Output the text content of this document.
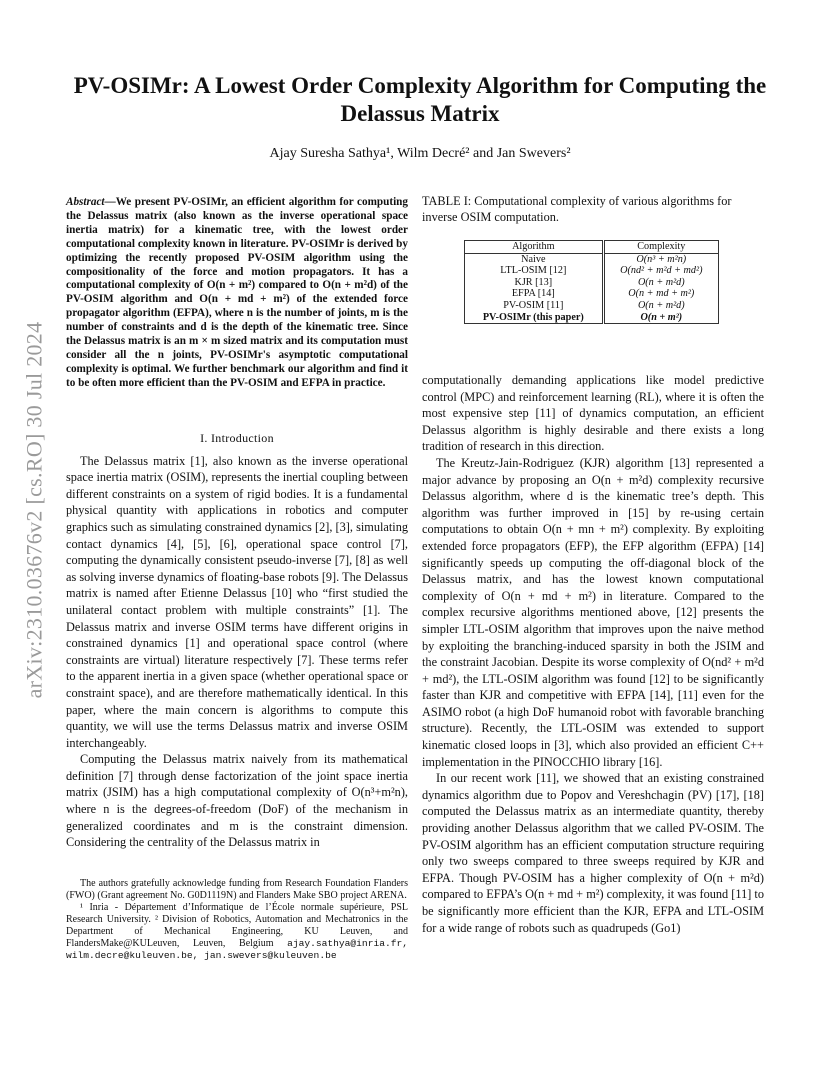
arXiv:2310.03676v2 [cs.RO] 30 Jul 2024
PV-OSIMr: A Lowest Order Complexity Algorithm for Computing the Delassus Matrix
Ajay Suresha Sathya¹, Wilm Decré² and Jan Swevers²
Abstract—We present PV-OSIMr, an efficient algorithm for computing the Delassus matrix (also known as the inverse operational space inertia matrix) for a kinematic tree, with the lowest order computational complexity known in literature. PV-OSIMr is derived by optimizing the recently proposed PV-OSIM algorithm using the compositionality of the force and motion propagators. It has a computational complexity of O(n + m²) compared to O(n + m²d) of the PV-OSIM algorithm and O(n + md + m²) of the extended force propagator algorithm (EFPA), where n is the number of joints, m is the number of constraints and d is the depth of the kinematic tree. Since the Delassus matrix is an m × m sized matrix and its computation must consider all the n joints, PV-OSIMr's asymptotic computational complexity is optimal. We further benchmark our algorithm and find it to be often more efficient than the PV-OSIM and EFPA in practice.
I. Introduction

The Delassus matrix [1], also known as the inverse operational space inertia matrix (OSIM), represents the inertial coupling between different constraints on a system of rigid bodies. It is a fundamental physical quantity with applications in robotics and computer graphics such as simulating constrained dynamics [2], [3], simulating contact dynamics [4], [5], [6], operational space control [7], computing the dynamically consistent pseudo-inverse [7], [8] as well as solving inverse dynamics of floating-base robots [9]. The Delassus matrix is named after Etienne Delassus [10] who “first studied the unilateral contact problem with multiple constraints” [1]. The Delassus matrix and inverse OSIM terms have different origins in constrained dynamics [1] and operational space control (where constraints are virtual) literature respectively [7]. These terms refer to the apparent inertia in a given space (whether operational space or constraint space), and are therefore mathematically identical. In this paper, where the main concern is algorithms to compute this quantity, we will use the terms Delassus matrix and inverse OSIM interchangeably.

Computing the Delassus matrix naively from its mathematical definition [7] through dense factorization of the joint space inertia matrix (JSIM) has a high computational complexity of O(n³+m²n), where n is the degrees-of-freedom (DoF) of the mechanism in generalized coordinates and m is the constraint dimension. Considering the centrality of the Delassus matrix in

The authors gratefully acknowledge funding from Research Foundation Flanders (FWO) (Grant agreement No. G0D1119N) and Flanders Make SBO project ARENA.

¹ Inria - Département d’Informatique de l’École normale supérieure, PSL Research University. ² Division of Robotics, Automation and Mechatronics in the Department of Mechanical Engineering, KU Leuven, and FlandersMake@KULeuven, Leuven, Belgium ajay.sathya@inria.fr, wilm.decre@kuleuven.be, jan.swevers@kuleuven.be

TABLE I: Computational complexity of various algorithms for inverse OSIM computation.
Algorithm	Complexity
Naive	O(n³ + m²n)
LTL-OSIM [12]	O(nd² + m²d + md²)
KJR [13]	O(n + m²d)
EFPA [14]	O(n + md + m²)
PV-OSIM [11]	O(n + m²d)
PV-OSIMr (this paper)	O(n + m²)

computationally demanding applications like model predictive control (MPC) and reinforcement learning (RL), where it is often the most expensive step [11] of dynamics computation, an efficient Delassus algorithm is highly desirable and there exists a long tradition of research in this direction.

The Kreutz-Jain-Rodriguez (KJR) algorithm [13] represented a major advance by proposing an O(n + m²d) complexity recursive Delassus algorithm, where d is the kinematic tree’s depth. This algorithm was further improved in [15] by re-using certain computations to obtain O(n + mn + m²) complexity. By exploiting extended force propagators (EFP), the EFP algorithm (EFPA) [14] significantly speeds up computing the off-diagonal block of the Delassus matrix, and has the lowest known computational complexity of O(n + md + m²) in literature. Compared to the complex recursive algorithms mentioned above, [12] presents the simpler LTL-OSIM algorithm that improves upon the naive method by exploiting the branching-induced sparsity in both the JSIM and the constraint Jacobian. Despite its worse complexity of O(nd² + m²d + md²), the LTL-OSIM algorithm was found [12] to be significantly faster than KJR and competitive with EFPA [14], [11] even for the ASIMO robot (a high DoF humanoid robot with favorable branching structure). Recently, the LTL-OSIM was extended to support kinematic closed loops in [3], which also provided an efficient C++ implementation in the PINOCCHIO library [16].

In our recent work [11], we showed that an existing constrained dynamics algorithm due to Popov and Vereshchagin (PV) [17], [18] computed the Delassus matrix as an intermediate quantity, thereby providing another Delassus algorithm that we called PV-OSIM. The PV-OSIM algorithm has an efficient computation structure requiring only two sweeps compared to three sweeps required by KJR and EFPA. Though PV-OSIM has a higher complexity of O(n + m²d) compared to EFPA’s O(n + md + m²) complexity, it was found [11] to be significantly more efficient than the KJR, EFPA and LTL-OSIM for a wide range of robots such as quadrupeds (Go1)
